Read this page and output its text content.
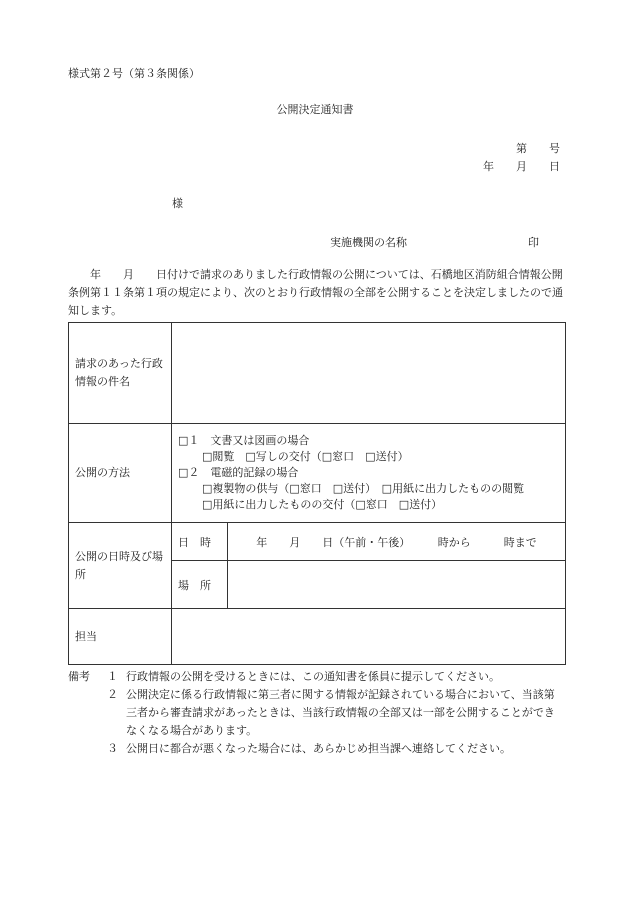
様式第２号（第３条関係）
公開決定通知書
第　　号
年　　月　　日
様
実施機関の名称	印
　　年　　月　　日付けで請求のありました行政情報の公開については、石橋地区消防組合情報公開条例第１１条第１項の規定により、次のとおり行政情報の全部を公開することを決定しましたので通知します。
請求のあった行政情報の件名		
公開の方法	□１　文書又は図画の場合
□閲覧　□写しの交付（□窓口　□送付）
□２　電磁的記録の場合
□複製物の供与（□窓口　□送付）　□用紙に出力したものの閲覧
□用紙に出力したものの交付（□窓口　□送付）	

公開の日時及び場所	日　時	年　　月　　日（午前・午後）　　　時から　　　時まで
	場　所	
担当		
備考 １ 行政情報の公開を受けるときには、この通知書を係員に提示してください。
２ 公開決定に係る行政情報に第三者に関する情報が記録されている場合において、当該第三者から審査請求があったときは、当該行政情報の全部又は一部を公開することができなくなる場合があります。
３ 公開日に都合が悪くなった場合には、あらかじめ担当課へ連絡してください。
